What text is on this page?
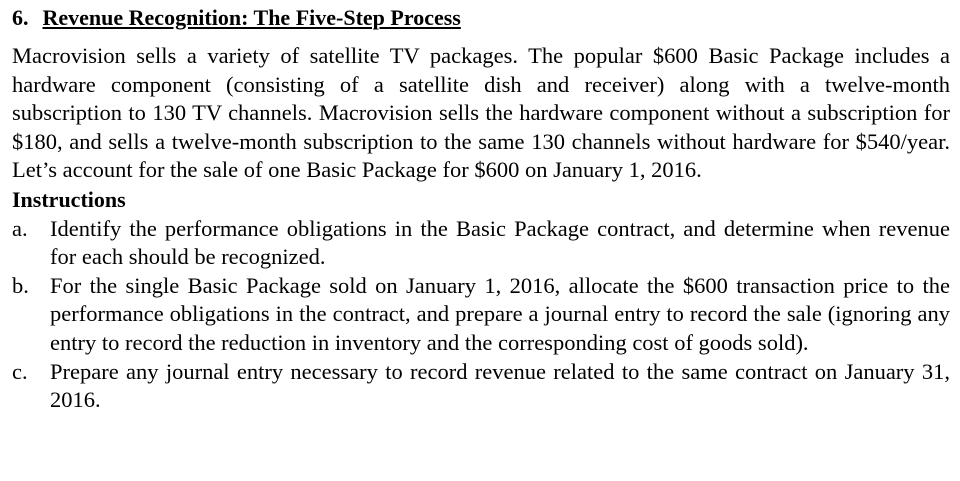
6. Revenue Recognition: The Five-Step Process

Macrovision sells a variety of satellite TV packages. The popular $600 Basic Package includes a hardware component (consisting of a satellite dish and receiver) along with a twelve-month subscription to 130 TV channels. Macrovision sells the hardware component without a subscription for $180, and sells a twelve-month subscription to the same 130 channels without hardware for $540/year. Let’s account for the sale of one Basic Package for $600 on January 1, 2016.

Instructions
a. Identify the performance obligations in the Basic Package contract, and determine when revenue for each should be recognized.
b. For the single Basic Package sold on January 1, 2016, allocate the $600 transaction price to the performance obligations in the contract, and prepare a journal entry to record the sale (ignoring any entry to record the reduction in inventory and the corresponding cost of goods sold).
c. Prepare any journal entry necessary to record revenue related to the same contract on January 31, 2016.
